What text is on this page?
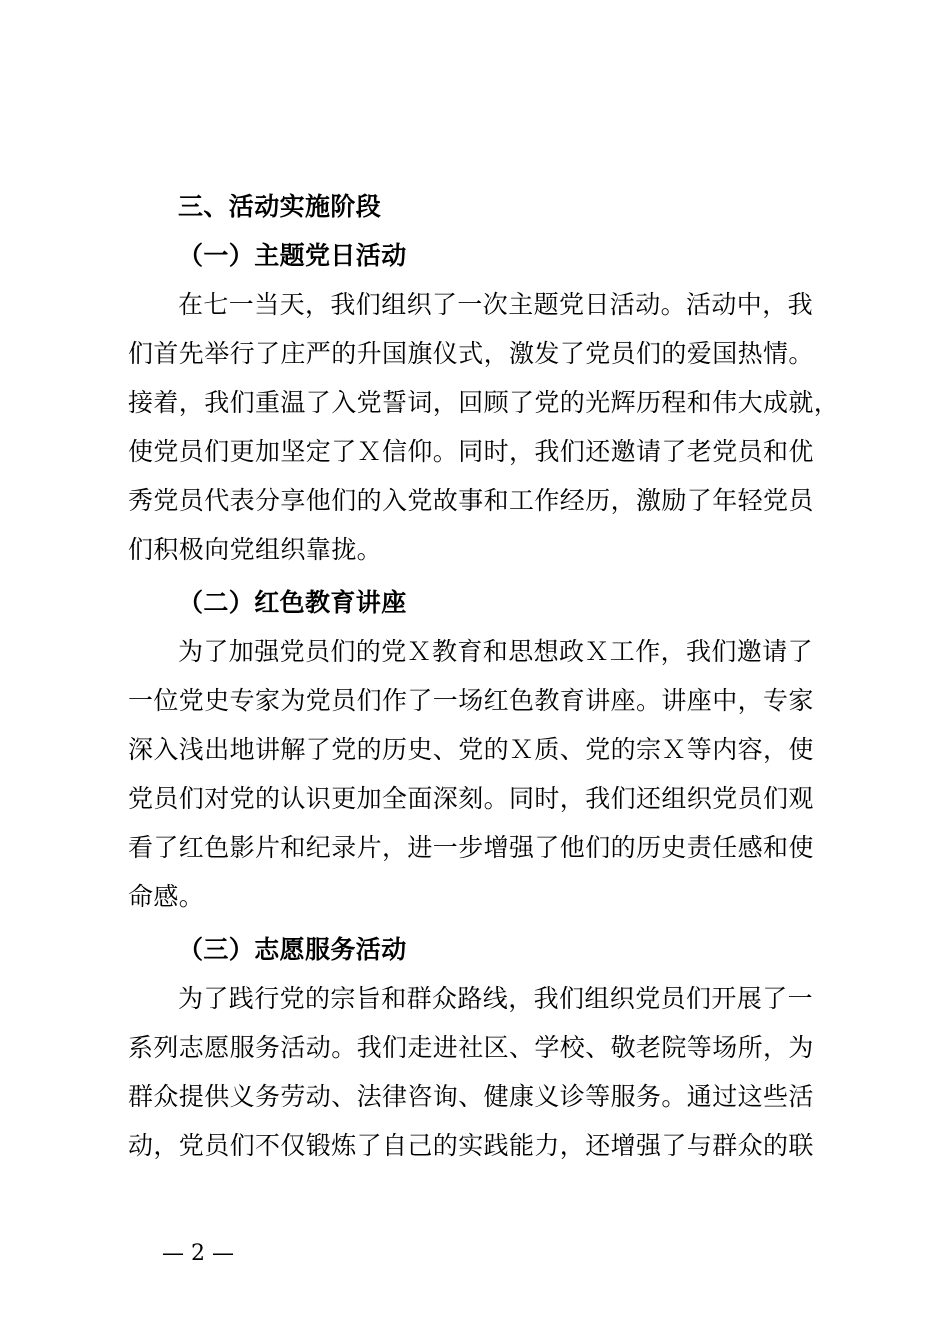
三、活动实施阶段
（一）主题党日活动
在七一当天，我们组织了一次主题党日活动。活动中，我
们首先举行了庄严的升国旗仪式，激发了党员们的爱国热情。
接着，我们重温了入党誓词，回顾了党的光辉历程和伟大成就，
使党员们更加坚定了Ｘ信仰。同时，我们还邀请了老党员和优
秀党员代表分享他们的入党故事和工作经历，激励了年轻党员
们积极向党组织靠拢。
（二）红色教育讲座
为了加强党员们的党Ｘ教育和思想政Ｘ工作，我们邀请了
一位党史专家为党员们作了一场红色教育讲座。讲座中，专家
深入浅出地讲解了党的历史、党的Ｘ质、党的宗Ｘ等内容，使
党员们对党的认识更加全面深刻。同时，我们还组织党员们观
看了红色影片和纪录片，进一步增强了他们的历史责任感和使
命感。
（三）志愿服务活动
为了践行党的宗旨和群众路线，我们组织党员们开展了一
系列志愿服务活动。我们走进社区、学校、敬老院等场所，为
群众提供义务劳动、法律咨询、健康义诊等服务。通过这些活
动，党员们不仅锻炼了自己的实践能力，还增强了与群众的联
— 2 —
